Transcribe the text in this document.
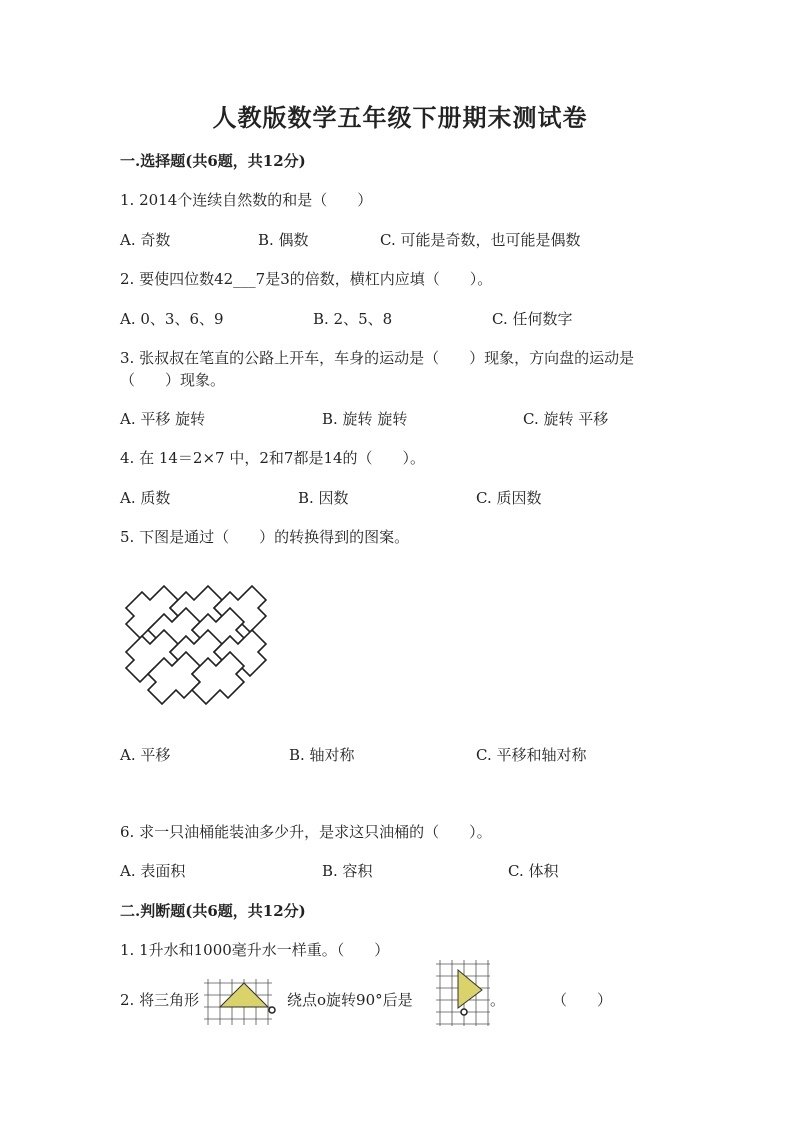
人教版数学五年级下册期末测试卷
一.选择题(共6题，共12分)
1. 2014个连续自然数的和是（　　）
A. 奇数	B. 偶数	C. 可能是奇数，也可能是偶数
2. 要使四位数42___7是3的倍数，横杠内应填（　　）。
A. 0、3、6、9	B. 2、5、8	C. 任何数字
3. 张叔叔在笔直的公路上开车，车身的运动是（　　）现象，方向盘的运动是
（　　）现象。
A. 平移 旋转	B. 旋转 旋转	C. 旋转 平移
4. 在 14＝2×7 中，2和7都是14的（　　）。
A. 质数	B. 因数	C. 质因数
5. 下图是通过（　　）的转换得到的图案。
A. 平移	B. 轴对称	C. 平移和轴对称
6. 求一只油桶能装油多少升，是求这只油桶的（　　）。
A. 表面积	B. 容积	C. 体积
二.判断题(共6题，共12分)
1. 1升水和1000毫升水一样重。（　　）
2. 将三角形	绕点o旋转90°后是	。	（　　）
